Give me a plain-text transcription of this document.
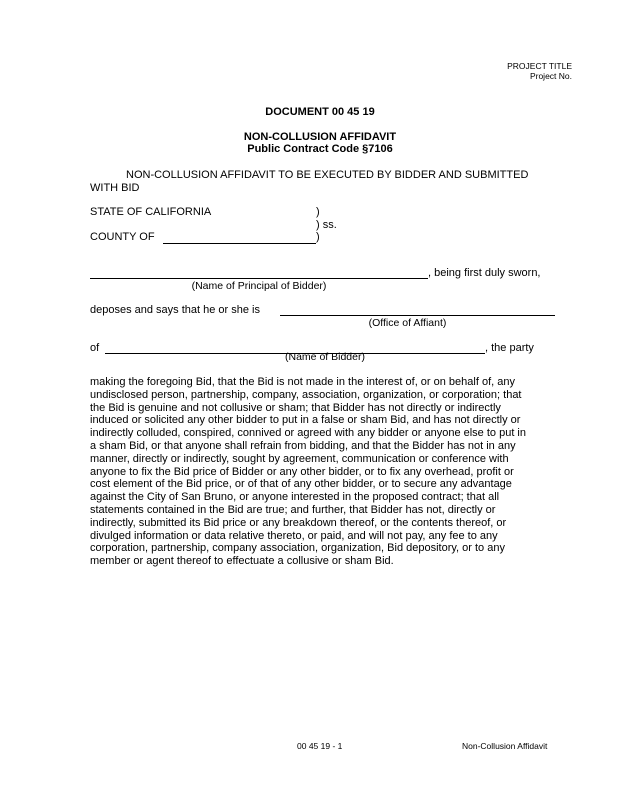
PROJECT TITLE
Project No.
DOCUMENT 00 45 19
NON-COLLUSION AFFIDAVIT
Public Contract Code §7106
NON-COLLUSION AFFIDAVIT TO BE EXECUTED BY BIDDER AND SUBMITTED
WITH BID
STATE OF CALIFORNIA	)
) ss.
COUNTY OF	)
, being first duly sworn,
(Name of Principal of Bidder)
deposes and says that he or she is
(Office of Affiant)
of	, the party
(Name of Bidder)
making the foregoing Bid, that the Bid is not made in the interest of, or on behalf of, any
undisclosed person, partnership, company, association, organization, or corporation; that
the Bid is genuine and not collusive or sham; that Bidder has not directly or indirectly
induced or solicited any other bidder to put in a false or sham Bid, and has not directly or
indirectly colluded, conspired, connived or agreed with any bidder or anyone else to put in
a sham Bid, or that anyone shall refrain from bidding, and that the Bidder has not in any
manner, directly or indirectly, sought by agreement, communication or conference with
anyone to fix the Bid price of Bidder or any other bidder, or to fix any overhead, profit or
cost element of the Bid price, or of that of any other bidder, or to secure any advantage
against the City of San Bruno, or anyone interested in the proposed contract; that all
statements contained in the Bid are true; and further, that Bidder has not, directly or
indirectly, submitted its Bid price or any breakdown thereof, or the contents thereof, or
divulged information or data relative thereto, or paid, and will not pay, any fee to any
corporation, partnership, company association, organization, Bid depository, or to any
member or agent thereof to effectuate a collusive or sham Bid.
00 45 19 - 1	Non-Collusion Affidavit
